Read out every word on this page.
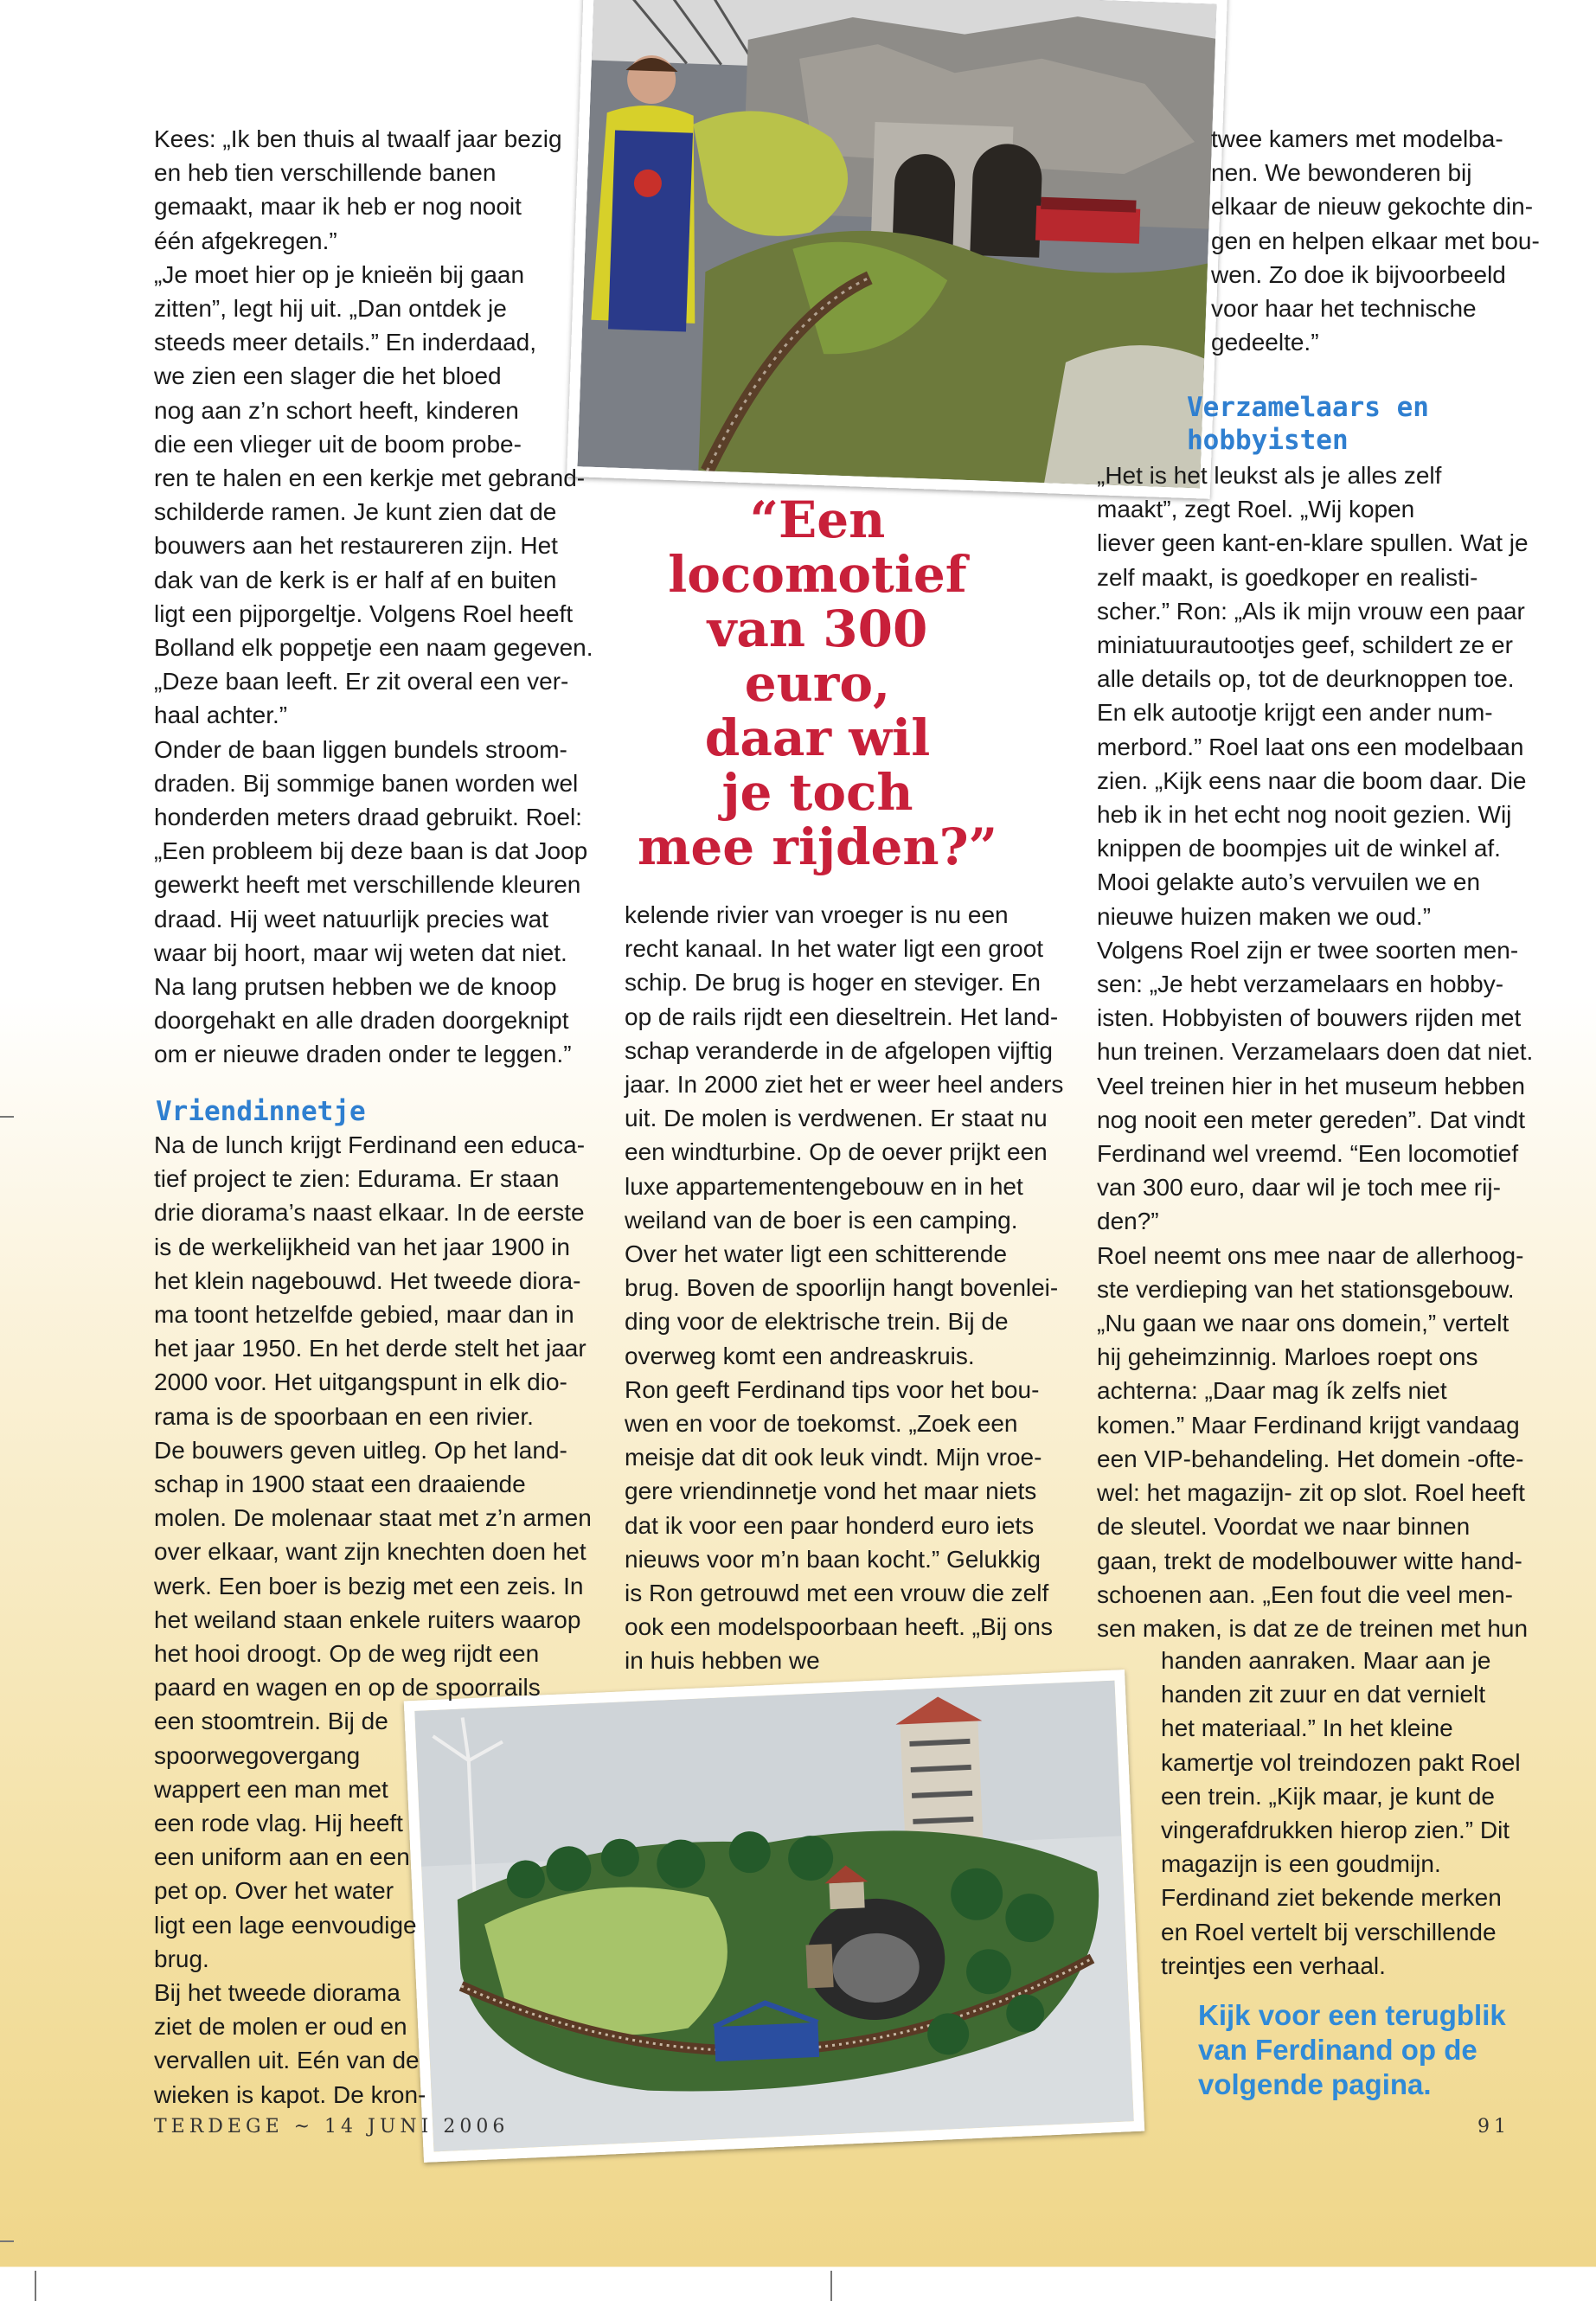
Kees: „Ik ben thuis al twaalf jaar bezig
en heb tien verschillende banen
gemaakt, maar ik heb er nog nooit
één afgekregen.”
„Je moet hier op je knieën bij gaan
zitten”, legt hij uit. „Dan ontdek je
steeds meer details.” En inderdaad,
we zien een slager die het bloed
nog aan z’n schort heeft, kinderen
die een vlieger uit de boom probe-
ren te halen en een kerkje met gebrand-
schilderde ramen. Je kunt zien dat de
bouwers aan het restaureren zijn. Het
dak van de kerk is er half af en buiten
ligt een pijporgeltje. Volgens Roel heeft
Bolland elk poppetje een naam gegeven.
„Deze baan leeft. Er zit overal een ver-
haal achter.”
Onder de baan liggen bundels stroom-
draden. Bij sommige banen worden wel
honderden meters draad gebruikt. Roel:
„Een probleem bij deze baan is dat Joop
gewerkt heeft met verschillende kleuren
draad. Hij weet natuurlijk precies wat
waar bij hoort, maar wij weten dat niet.
Na lang prutsen hebben we de knoop
doorgehakt en alle draden doorgeknipt
om er nieuwe draden onder te leggen.”

Vriendinnetje

Na de lunch krijgt Ferdinand een educa-
tief project te zien: Edurama. Er staan
drie diorama’s naast elkaar. In de eerste
is de werkelijkheid van het jaar 1900 in
het klein nagebouwd. Het tweede diora-
ma toont hetzelfde gebied, maar dan in
het jaar 1950. En het derde stelt het jaar
2000 voor. Het uitgangspunt in elk dio-
rama is de spoorbaan en een rivier.
De bouwers geven uitleg. Op het land-
schap in 1900 staat een draaiende
molen. De molenaar staat met z’n armen
over elkaar, want zijn knechten doen het
werk. Een boer is bezig met een zeis. In
het weiland staan enkele ruiters waarop
het hooi droogt. Op de weg rijdt een
paard en wagen en op de spoorrails
een stoomtrein. Bij de
spoorwegovergang
wappert een man met
een rode vlag. Hij heeft
een uniform aan en een
pet op. Over het water
ligt een lage eenvoudige
brug.
Bij het tweede diorama
ziet de molen er oud en
vervallen uit. Eén van de
wieken is kapot. De kron-

“Een
locomotief
van 300 euro,
daar wil
je toch
mee rijden?”

kelende rivier van vroeger is nu een
recht kanaal. In het water ligt een groot
schip. De brug is hoger en steviger. En
op de rails rijdt een dieseltrein. Het land-
schap veranderde in de afgelopen vijftig
jaar. In 2000 ziet het er weer heel anders
uit. De molen is verdwenen. Er staat nu
een windturbine. Op de oever prijkt een
luxe appartementengebouw en in het
weiland van de boer is een camping.
Over het water ligt een schitterende
brug. Boven de spoorlijn hangt bovenlei-
ding voor de elektrische trein. Bij de
overweg komt een andreaskruis.
Ron geeft Ferdinand tips voor het bou-
wen en voor de toekomst. „Zoek een
meisje dat dit ook leuk vindt. Mijn vroe-
gere vriendinnetje vond het maar niets
dat ik voor een paar honderd euro iets
nieuws voor m’n baan kocht.” Gelukkig
is Ron getrouwd met een vrouw die zelf
ook een modelspoorbaan heeft. „Bij ons
in huis hebben we

twee kamers met modelba-
nen. We bewonderen bij
elkaar de nieuw gekochte din-
gen en helpen elkaar met bou-
wen. Zo doe ik bijvoorbeeld
voor haar het technische
gedeelte.”

Verzamelaars en
hobbyisten

„Het is het leukst als je alles zelf
maakt”, zegt Roel. „Wij kopen
liever geen kant-en-klare spullen. Wat je
zelf maakt, is goedkoper en realisti-
scher.” Ron: „Als ik mijn vrouw een paar
miniatuurautootjes geef, schildert ze er
alle details op, tot de deurknoppen toe.
En elk autootje krijgt een ander num-
merbord.” Roel laat ons een modelbaan
zien. „Kijk eens naar die boom daar. Die
heb ik in het echt nog nooit gezien. Wij
knippen de boompjes uit de winkel af.
Mooi gelakte auto’s vervuilen we en
nieuwe huizen maken we oud.”
Volgens Roel zijn er twee soorten men-
sen: „Je hebt verzamelaars en hobby-
isten. Hobbyisten of bouwers rijden met
hun treinen. Verzamelaars doen dat niet.
Veel treinen hier in het museum hebben
nog nooit een meter gereden”. Dat vindt
Ferdinand wel vreemd. “Een locomotief
van 300 euro, daar wil je toch mee rij-
den?”
Roel neemt ons mee naar de allerhoog-
ste verdieping van het stationsgebouw.
„Nu gaan we naar ons domein,” vertelt
hij geheimzinnig. Marloes roept ons
achterna: „Daar mag ík zelfs niet
komen.” Maar Ferdinand krijgt vandaag
een VIP-behandeling. Het domein -ofte-
wel: het magazijn- zit op slot. Roel heeft
de sleutel. Voordat we naar binnen
gaan, trekt de modelbouwer witte hand-
schoenen aan. „Een fout die veel men-
sen maken, is dat ze de treinen met hun

handen aanraken. Maar aan je
handen zit zuur en dat vernielt
het materiaal.” In het kleine
kamertje vol treindozen pakt Roel
een trein. „Kijk maar, je kunt de
vingerafdrukken hierop zien.” Dit
magazijn is een goudmijn.
Ferdinand ziet bekende merken
en Roel vertelt bij verschillende
treintjes een verhaal.

Kijk voor een terugblik
van Ferdinand op de
volgende pagina.

TERDEGE ~ 14 JUNI 2006	91
